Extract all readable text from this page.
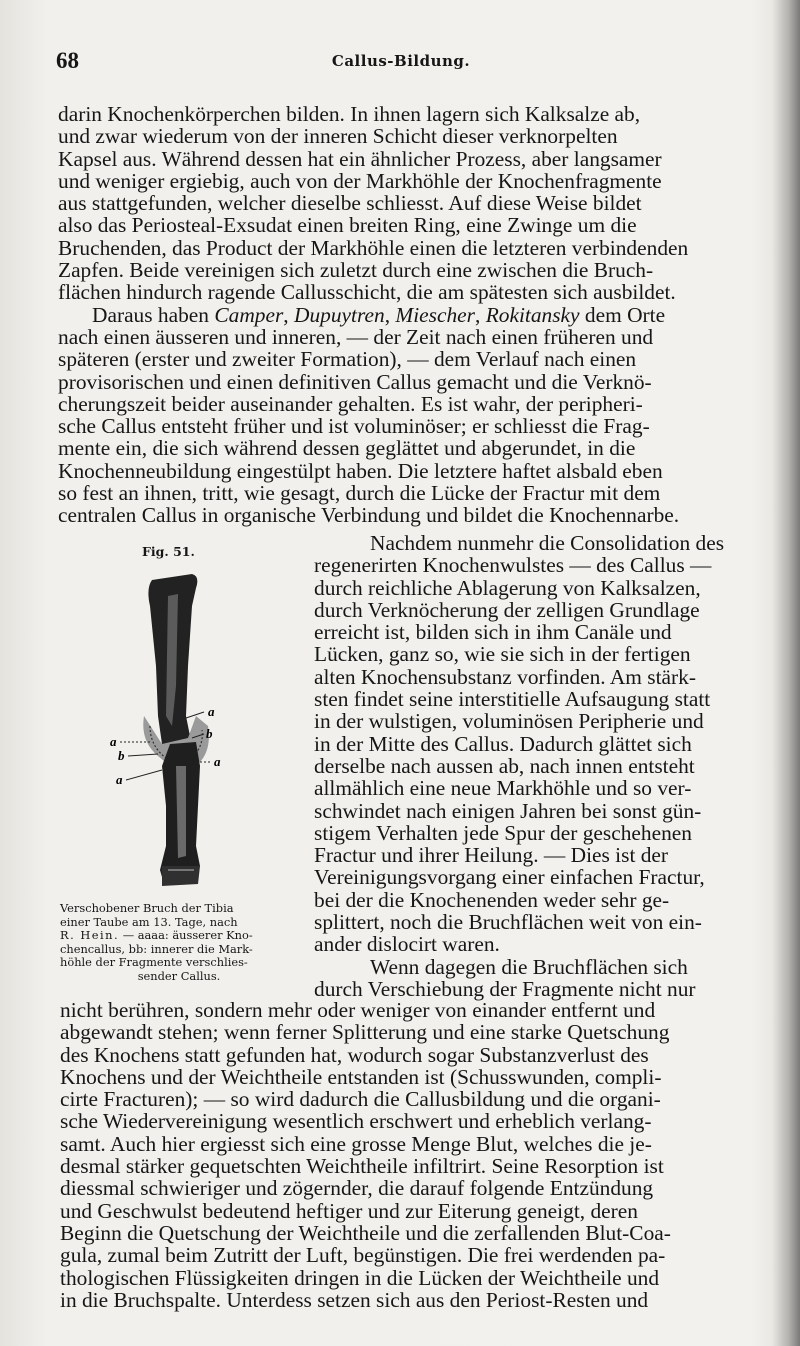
68	Callus-Bildung.
darin Knochenkörperchen bilden. In ihnen lagern sich Kalksalze ab,
und zwar wiederum von der inneren Schicht dieser verknorpelten
Kapsel aus. Während dessen hat ein ähnlicher Prozess, aber langsamer
und weniger ergiebig, auch von der Markhöhle der Knochenfragmente
aus stattgefunden, welcher dieselbe schliesst. Auf diese Weise bildet
also das Periosteal-Exsudat einen breiten Ring, eine Zwinge um die
Bruchenden, das Product der Markhöhle einen die letzteren verbindenden
Zapfen. Beide vereinigen sich zuletzt durch eine zwischen die Bruch-
flächen hindurch ragende Callusschicht, die am spätesten sich ausbildet.
Daraus haben Camper, Dupuytren, Miescher, Rokitansky dem Orte
nach einen äusseren und inneren, — der Zeit nach einen früheren und
späteren (erster und zweiter Formation), — dem Verlauf nach einen
provisorischen und einen definitiven Callus gemacht und die Verknö-
cherungszeit beider auseinander gehalten. Es ist wahr, der peripheri-
sche Callus entsteht früher und ist voluminöser; er schliesst die Frag-
mente ein, die sich während dessen geglättet und abgerundet, in die
Knochenneubildung eingestülpt haben. Die letztere haftet alsbald eben
so fest an ihnen, tritt, wie gesagt, durch die Lücke der Fractur mit dem
centralen Callus in organische Verbindung und bildet die Knochennarbe.
Fig. 51.
a
b
a
a
b
a
Verschobener Bruch der Tibia
einer Taube am 13. Tage, nach
R. Hein. — aaaa: äusserer Kno-
chencallus, bb: innerer die Mark-
höhle der Fragmente verschlies-
sender Callus.
Nachdem nunmehr die Consolidation des
regenerirten Knochenwulstes — des Callus —
durch reichliche Ablagerung von Kalksalzen,
durch Verknöcherung der zelligen Grundlage
erreicht ist, bilden sich in ihm Canäle und
Lücken, ganz so, wie sie sich in der fertigen
alten Knochensubstanz vorfinden. Am stärk-
sten findet seine interstitielle Aufsaugung statt
in der wulstigen, voluminösen Peripherie und
in der Mitte des Callus. Dadurch glättet sich
derselbe nach aussen ab, nach innen entsteht
allmählich eine neue Markhöhle und so ver-
schwindet nach einigen Jahren bei sonst gün-
stigem Verhalten jede Spur der geschehenen
Fractur und ihrer Heilung. — Dies ist der
Vereinigungsvorgang einer einfachen Fractur,
bei der die Knochenenden weder sehr ge-
splittert, noch die Bruchflächen weit von ein-
ander dislocirt waren.
Wenn dagegen die Bruchflächen sich
durch Verschiebung der Fragmente nicht nur
nicht berühren, sondern mehr oder weniger von einander entfernt und
abgewandt stehen; wenn ferner Splitterung und eine starke Quetschung
des Knochens statt gefunden hat, wodurch sogar Substanzverlust des
Knochens und der Weichtheile entstanden ist (Schusswunden, compli-
cirte Fracturen); — so wird dadurch die Callusbildung und die organi-
sche Wiedervereinigung wesentlich erschwert und erheblich verlang-
samt. Auch hier ergiesst sich eine grosse Menge Blut, welches die je-
desmal stärker gequetschten Weichtheile infiltrirt. Seine Resorption ist
diessmal schwieriger und zögernder, die darauf folgende Entzündung
und Geschwulst bedeutend heftiger und zur Eiterung geneigt, deren
Beginn die Quetschung der Weichtheile und die zerfallenden Blut-Coa-
gula, zumal beim Zutritt der Luft, begünstigen. Die frei werdenden pa-
thologischen Flüssigkeiten dringen in die Lücken der Weichtheile und
in die Bruchspalte. Unterdess setzen sich aus den Periost-Resten und
